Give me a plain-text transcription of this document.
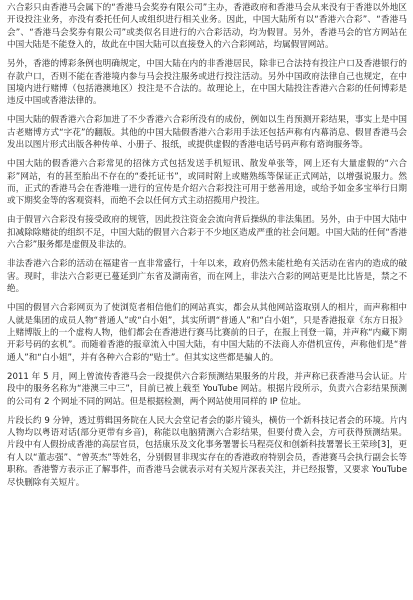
六合彩只由香港马会属下的“香港马会奖券有限公司”主办，香港政府和香港马会从来没有于香港以外地区开设投注业务，亦没有委托任何人或组织进行相关业务。因此，中国大陆所有以“香港六合彩”、“香港马会”、“香港马会奖券有限公司”或类似名目进行的六合彩活动，均为假冒。另外，香港马会的官方网站在中国大陆是不能登入的，故此在中国大陆可以直接登入的六合彩网站，均属假冒网站。

另外，香港的博彩条例也明确规定，中国大陆在内的非香港居民，除非已合法持有投注户口及香港银行的存款户口，否则不能在香港境内参与马会投注服务或进行投注活动。另外中国政府法律自己也规定，在中国境内进行赌博（包括港澳地区）投注是不合法的。故理论上，在中国大陆投注香港六合彩的任何博彩是违反中国或香港法律的。

中国大陆的假香港六合彩加进了不少香港六合彩所没有的成份，例如以生肖预测开彩结果，事实上是中国古老赌博方式“字花”的翻版。其他的中国大陆假香港六合彩用手法还包括声称有内幕消息、假冒香港马会发出以图片形式出版各种传单、小册子、报纸，或提供虚假的香港电话号码声称有谘询服务等。

中国大陆的假香港六合彩常见的招徕方式包括发送手机短讯、散发单张等，网上还有大量虚假的“六合彩”网站，有的甚至胎出不存在的“委托证书”，或同时附上或赌熟练等保证正式网站，以增强说服力。然而，正式的香港马会在香港唯一进行的宣传是介绍六合彩投注可用于慈善用途，或给予如金多宝举行日期或下期奖金等的客观资料，而绝不会以任何方式主动招揽用户投注。

由于假冒六合彩没有接受政府的规管，因此投注资金会流向背后操纵的非法集团。另外，由于中国大陆中扣减除除赌徒的组织不足，中国大陆的假冒六合彩于不少地区造成严重的社会问题。中国大陆的任何“香港六合彩”服务都是虚假及非法的。

非法香港六合彩的活动在福建省一直非常盛行，十年以来，政府仍然未能杜绝有关活动在省内的造成的破害。现时，非法六合彩更已蔓延到广东省及湖南省，而在网上，非法六合彩的网站更是比比皆是，禁之不绝。

中国的假冒六合彩网页为了使浏览者相信他们的网站真实，都会从其他网站盗取别人的相片，而声称相中人就是集团的成员人物“普通人”或“白小姐”，其实所谓“普通人”和“白小姐”，只是香港报章《东方日报》上赌博版上的一个虚构人物，他们都会在香港进行赛马比赛前的日子，在报上刊登一篇，并声称“内藏下期开彩号码的玄机”。而随着香港的报章流入中国大陆，有中国大陆的不法商人亦借机宣传，声称他们是“普通人”和“白小姐”，并有各种六合彩的“贴士”。但其实这些都是骗人的。

2011 年 5 月，网上曾流传香港马会一段提供六合彩预测结果服务的片段，并声称已获香港马会认证。片段中的服务名称为“港澳三中三”，目前已被上载至 YouTube 网站。根据片段所示，负责六合彩结果预测的公司有 2 个网址不同的网站。但是根据检测，两个网站使用同样的 IP 位址。

片段长约 9 分钟，透过剪辑国务院在人民大会堂记者会的影片镜头，横仿一个新科技记者会的环境。片内人物均以粤语对话(部分更带有乡音)，称能以电脑猜测六合彩结果，但要付费入会，方可获得预测结果。片段中有人假扮成香港的高层官员，包括康乐及文化事务署署长马程亮仪和创新科技署署长王荣珍[3]，更有人以“董志强”、“曾英杰”等姓名，分别假冒非现实存在的香港政府特别会员，香港赛马会执行副会长等职称。香港警方表示正了解事件，而香港马会就表示对有关短片深表关注，并已经报警，又要求 YouTube 尽快删除有关短片。
